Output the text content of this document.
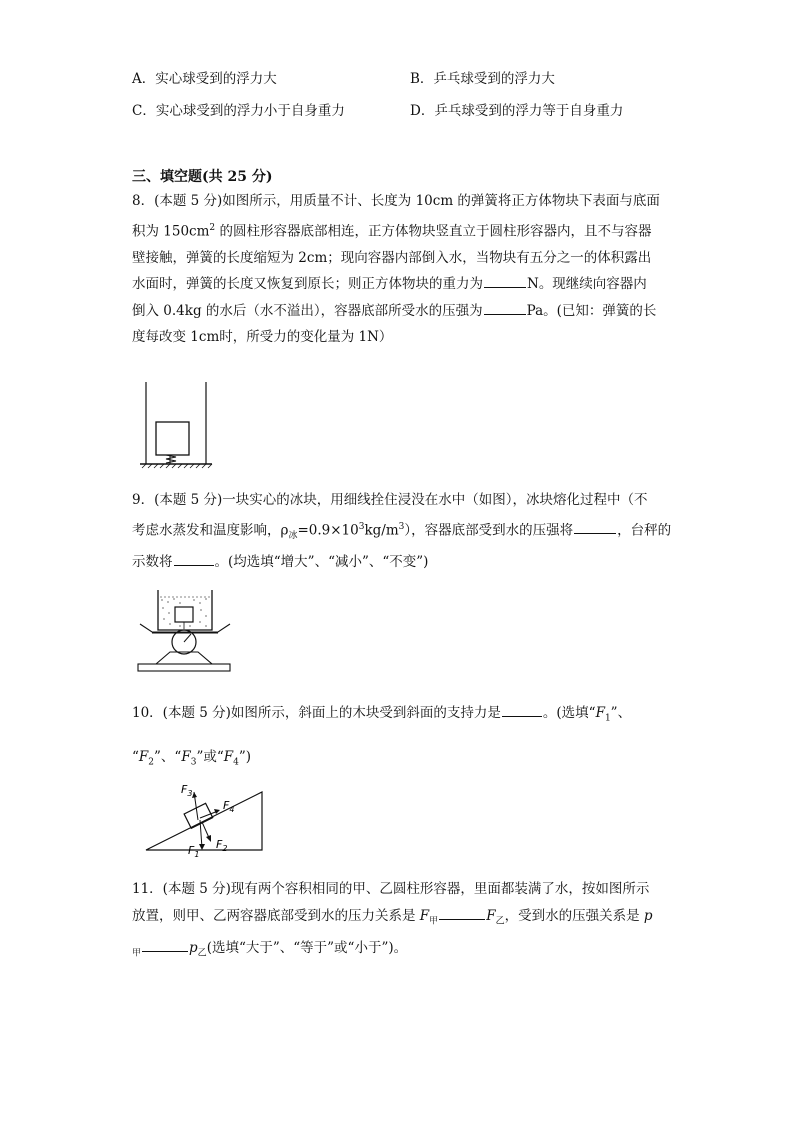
A．实心球受到的浮力大	B．乒乓球受到的浮力大
C．实心球受到的浮力小于自身重力	D．乒乓球受到的浮力等于自身重力
三、填空题(共 25 分)
8．(本题 5 分)如图所示，用质量不计、长度为 10cm 的弹簧将正方体物块下表面与底面
积为 $150cm^2$ 的圆柱形容器底部相连，正方体物块竖直立于圆柱形容器内，且不与容器
壁接触，弹簧的长度缩短为 2cm；现向容器内部倒入水，当物块有五分之一的体积露出
水面时，弹簧的长度又恢复到原长；则正方体物块的重力为	N。现继续向容器内
倒入 0.4kg 的水后（水不溢出），容器底部所受水的压强为	Pa。(已知：弹簧的长
度每改变 1cm时，所受力的变化量为 1N）
9．(本题 5 分)一块实心的冰块，用细线拴住浸没在水中（如图），冰块熔化过程中（不
考虑水蒸发和温度影响，$\rho_冰=0.9\times 10^3kg/m^3$），容器底部受到水的压强将	，台秤的
示数将	。(均选填“增大”、“减小”、“不变”)
10．(本题 5 分)如图所示，斜面上的木块受到斜面的支持力是	。(选填“$F_1$”、
“$F_2$”、“$F_3$”或“$F_4$”)
$F_3$
$F_4$
$F_1$
$F_2$
11．(本题 5 分)现有两个容积相同的甲、乙圆柱形容器，里面都装满了水，按如图所示
放置，则甲、乙两容器底部受到水的压力关系是 $F_甲$	$F_乙$，受到水的压强关系是 p
$_甲$	$p_乙$(选填“大于”、“等于”或“小于”)。
